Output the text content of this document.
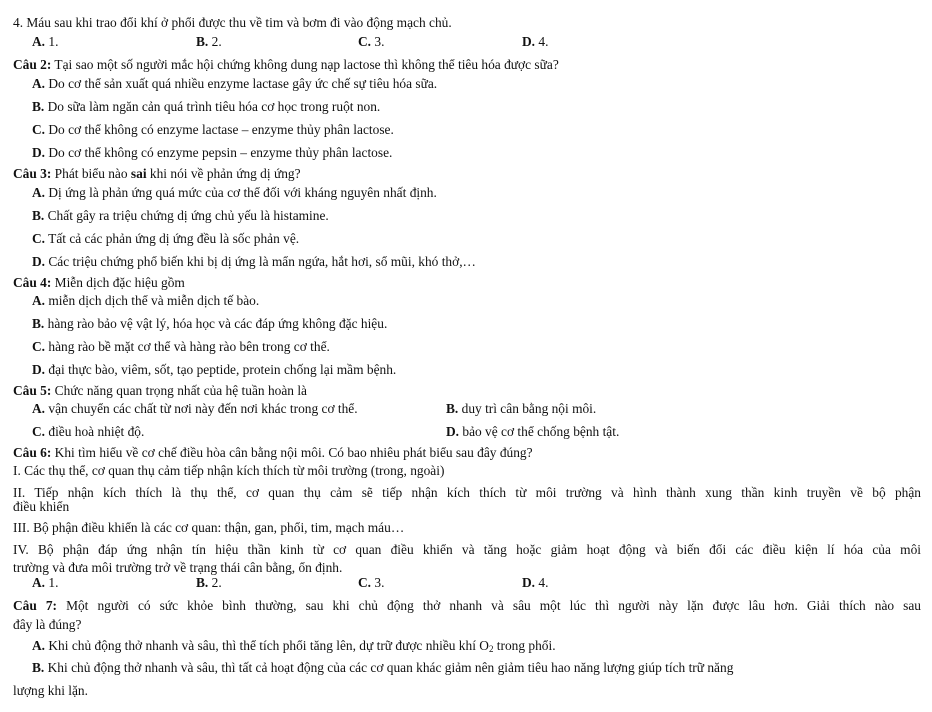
4. Máu sau khi trao đổi khí ở phổi được thu về tim và bơm đi vào động mạch chủ.
A. 1.	B. 2.	C. 3.	D. 4.
Câu 2: Tại sao một số người mắc hội chứng không dung nạp lactose thì không thể tiêu hóa được sữa?
A. Do cơ thể sản xuất quá nhiều enzyme lactase gây ức chế sự tiêu hóa sữa.
B. Do sữa làm ngăn cản quá trình tiêu hóa cơ học trong ruột non.
C. Do cơ thể không có enzyme lactase – enzyme thủy phân lactose.
D. Do cơ thể không có enzyme pepsin – enzyme thủy phân lactose.
Câu 3: Phát biểu nào sai khi nói về phản ứng dị ứng?
A. Dị ứng là phản ứng quá mức của cơ thể đối với kháng nguyên nhất định.
B. Chất gây ra triệu chứng dị ứng chủ yếu là histamine.
C. Tất cả các phản ứng dị ứng đều là sốc phản vệ.
D. Các triệu chứng phổ biến khi bị dị ứng là mẩn ngứa, hắt hơi, sổ mũi, khó thở,…
Câu 4: Miễn dịch đặc hiệu gồm
A. miễn dịch dịch thể và miễn dịch tế bào.
B. hàng rào bảo vệ vật lý, hóa học và các đáp ứng không đặc hiệu.
C. hàng rào bề mặt cơ thể và hàng rào bên trong cơ thể.
D. đại thực bào, viêm, sốt, tạo peptide, protein chống lại mầm bệnh.
Câu 5: Chức năng quan trọng nhất của hệ tuần hoàn là
A. vận chuyển các chất từ nơi này đến nơi khác trong cơ thể.	B. duy trì cân bằng nội môi.
C. điều hoà nhiệt độ.	D. bảo vệ cơ thể chống bệnh tật.
Câu 6: Khi tìm hiểu về cơ chế điều hòa cân bằng nội môi. Có bao nhiêu phát biểu sau đây đúng?
I. Các thụ thể, cơ quan thụ cảm tiếp nhận kích thích từ môi trường (trong, ngoài)
II. Tiếp nhận kích thích là thụ thể, cơ quan thụ cảm sẽ tiếp nhận kích thích từ môi trường và hình thành xung thần kinh truyền về bộ phận
điều khiển
III. Bộ phận điều khiển là các cơ quan: thận, gan, phổi, tim, mạch máu…
IV. Bộ phận đáp ứng nhận tín hiệu thần kinh từ cơ quan điều khiển và tăng hoặc giảm hoạt động và biến đổi các điều kiện lí hóa của môi
trường và đưa môi trường trở về trạng thái cân bằng, ổn định.
A. 1.	B. 2.	C. 3.	D. 4.
Câu 7: Một người có sức khỏe bình thường, sau khi chủ động thở nhanh và sâu một lúc thì người này lặn được lâu hơn. Giải thích nào sau
đây là đúng?
A. Khi chủ động thở nhanh và sâu, thì thể tích phổi tăng lên, dự trữ được nhiều khí $O_2$ trong phổi.
B. Khi chủ động thở nhanh và sâu, thì tất cả hoạt động của các cơ quan khác giảm nên giảm tiêu hao năng lượng giúp tích trữ năng
lượng khi lặn.
